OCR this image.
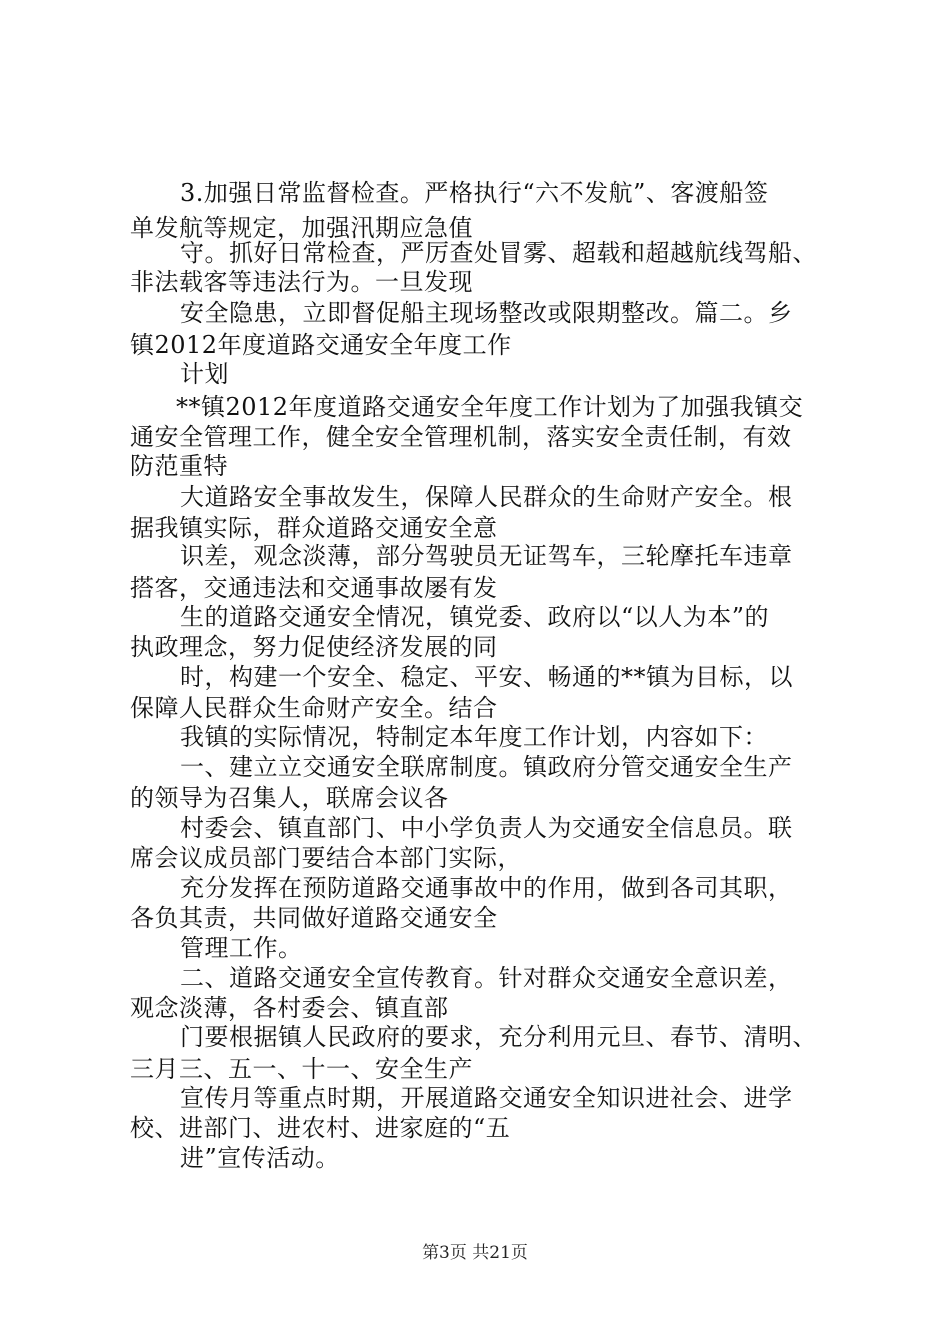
3.加强日常监督检查。严格执行“六不发航”、客渡船签
单发航等规定，加强汛期应急值
守。抓好日常检查，严厉查处冒雾、超载和超越航线驾船、
非法载客等违法行为。一旦发现
安全隐患，立即督促船主现场整改或限期整改。篇二。乡
镇2012年度道路交通安全年度工作
计划
**镇2012年度道路交通安全年度工作计划为了加强我镇交
通安全管理工作，健全安全管理机制，落实安全责任制，有效
防范重特
大道路安全事故发生，保障人民群众的生命财产安全。根
据我镇实际，群众道路交通安全意
识差，观念淡薄，部分驾驶员无证驾车，三轮摩托车违章
搭客，交通违法和交通事故屡有发
生的道路交通安全情况，镇党委、政府以“以人为本”的
执政理念，努力促使经济发展的同
时，构建一个安全、稳定、平安、畅通的**镇为目标，以
保障人民群众生命财产安全。结合
我镇的实际情况，特制定本年度工作计划，内容如下：
一、建立立交通安全联席制度。镇政府分管交通安全生产
的领导为召集人，联席会议各
村委会、镇直部门、中小学负责人为交通安全信息员。联
席会议成员部门要结合本部门实际，
充分发挥在预防道路交通事故中的作用，做到各司其职，
各负其责，共同做好道路交通安全
管理工作。
二、道路交通安全宣传教育。针对群众交通安全意识差，
观念淡薄，各村委会、镇直部
门要根据镇人民政府的要求，充分利用元旦、春节、清明、
三月三、五一、十一、安全生产
宣传月等重点时期，开展道路交通安全知识进社会、进学
校、进部门、进农村、进家庭的“五
进”宣传活动。
第3页 共21页
